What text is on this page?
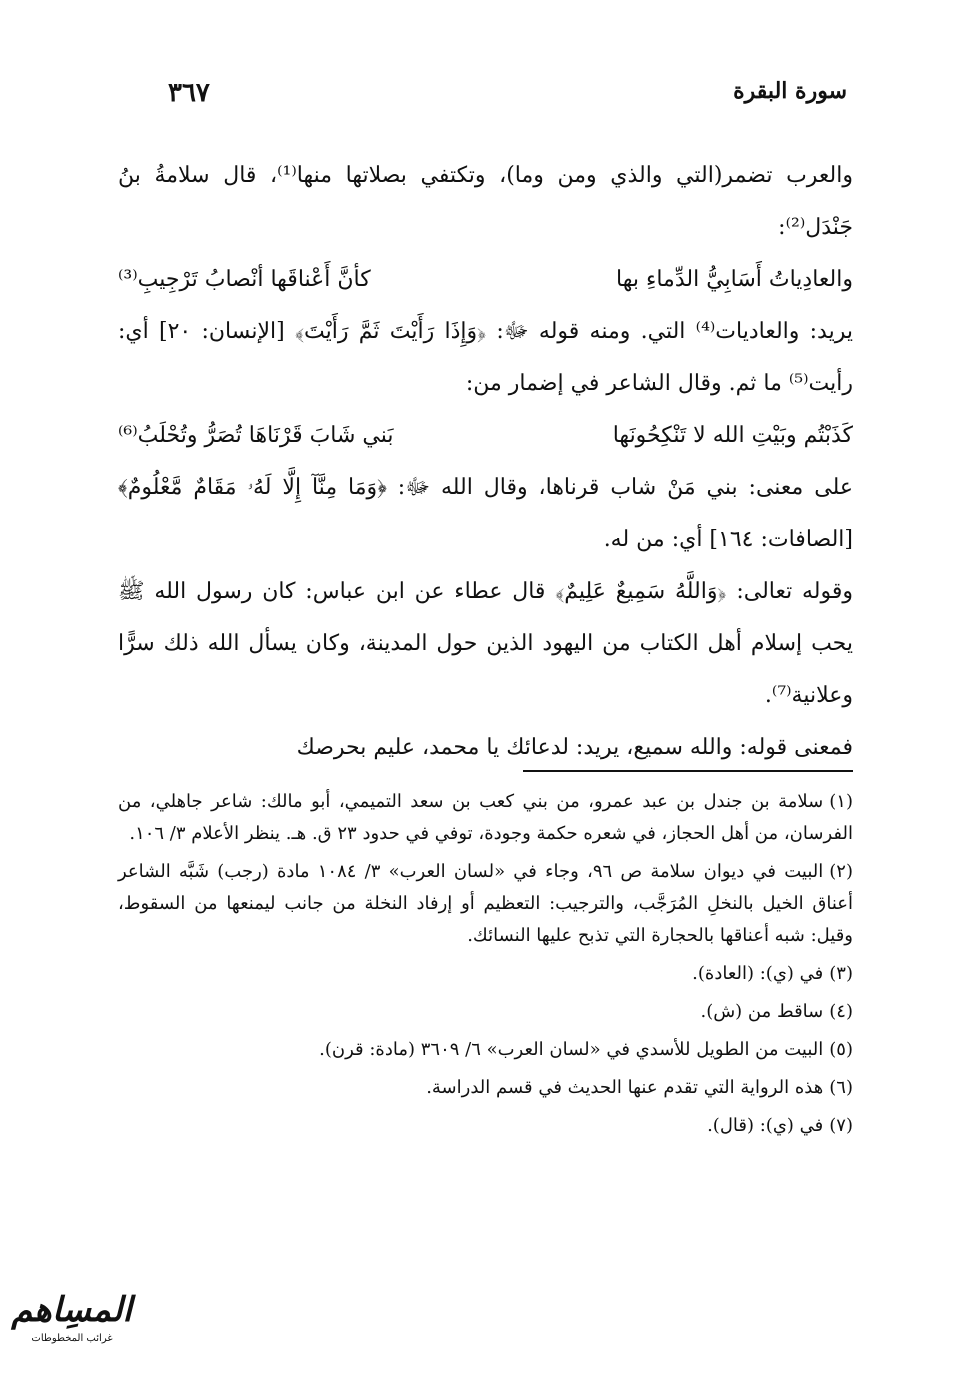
سورة البقرة
٣٦٧

والعرب تضمر(التي والذي ومن وما)، وتكتفي بصلاتها منها⁽¹⁾، قال سلامةُ بنُ جَنْدَل⁽²⁾:

والعادِياتُ أَسَابِيُّ الدِّماءِ بها
كأنَّ أَعْناقَها أنْصابُ تَرْجِيبِ⁽³⁾

يريد: والعاديات⁽⁴⁾ التي. ومنه قوله ﷻ: ﴿وَإِذَا رَأَيْتَ ثَمَّ رَأَيْتَ﴾ [الإنسان: ٢٠] أي: رأيت⁽⁵⁾ ما ثم. وقال الشاعر في إضمار من:

كَذَبْتُم وبَيْتِ الله لا تَنْكِحُونَها
بَني شَابَ قَرْنَاهَا تُصَرُّ وتُحْلَبُ⁽⁶⁾

على معنى: بني مَنْ شاب قرناها، وقال الله ﷻ: ﴿وَمَا مِنَّآ إِلَّا لَهُۥ مَقَامٌ مَّعْلُومٌ﴾ [الصافات: ١٦٤] أي: من له.

وقوله تعالى: ﴿وَاللَّهُ سَمِيعٌ عَلِيمٌ﴾ قال عطاء عن ابن عباس: كان رسول الله ﷺ يحب إسلام أهل الكتاب من اليهود الذين حول المدينة، وكان يسأل الله ذلك سرًّا وعلانية⁽⁷⁾.

فمعنى قوله: والله سميع، يريد: لدعائك يا محمد، عليم بحرصك

(١)سلامة بن جندل بن عبد عمرو، من بني كعب بن سعد التميمي، أبو مالك: شاعر جاهلي، من الفرسان، من أهل الحجاز، في شعره حكمة وجودة، توفي في حدود ٢٣ ق. هـ. ينظر الأعلام ٣/ ١٠٦.

(٢)البيت في ديوان سلامة ص ٩٦، وجاء في «لسان العرب» ٣/ ١٠٨٤ مادة (رجب) شَبَّه الشاعر أعناق الخيل بالنخلِ المُرَجَّب، والترجيب: التعظيم أو إرفاد النخلة من جانب ليمنعها من السقوط، وقيل: شبه أعناقها بالحجارة التي تذبح عليها النسائك.

(٣)في (ي): (العادة).

(٤)ساقط من (ش).

(٥)البيت من الطويل للأسدي في «لسان العرب» ٦/ ٣٦٠٩ (مادة: قرن).

(٦)هذه الرواية التي تقدم عنها الحديث في قسم الدراسة.

(٧)في (ي): (قال).

المسِاهم
غرائب المخطوطات
